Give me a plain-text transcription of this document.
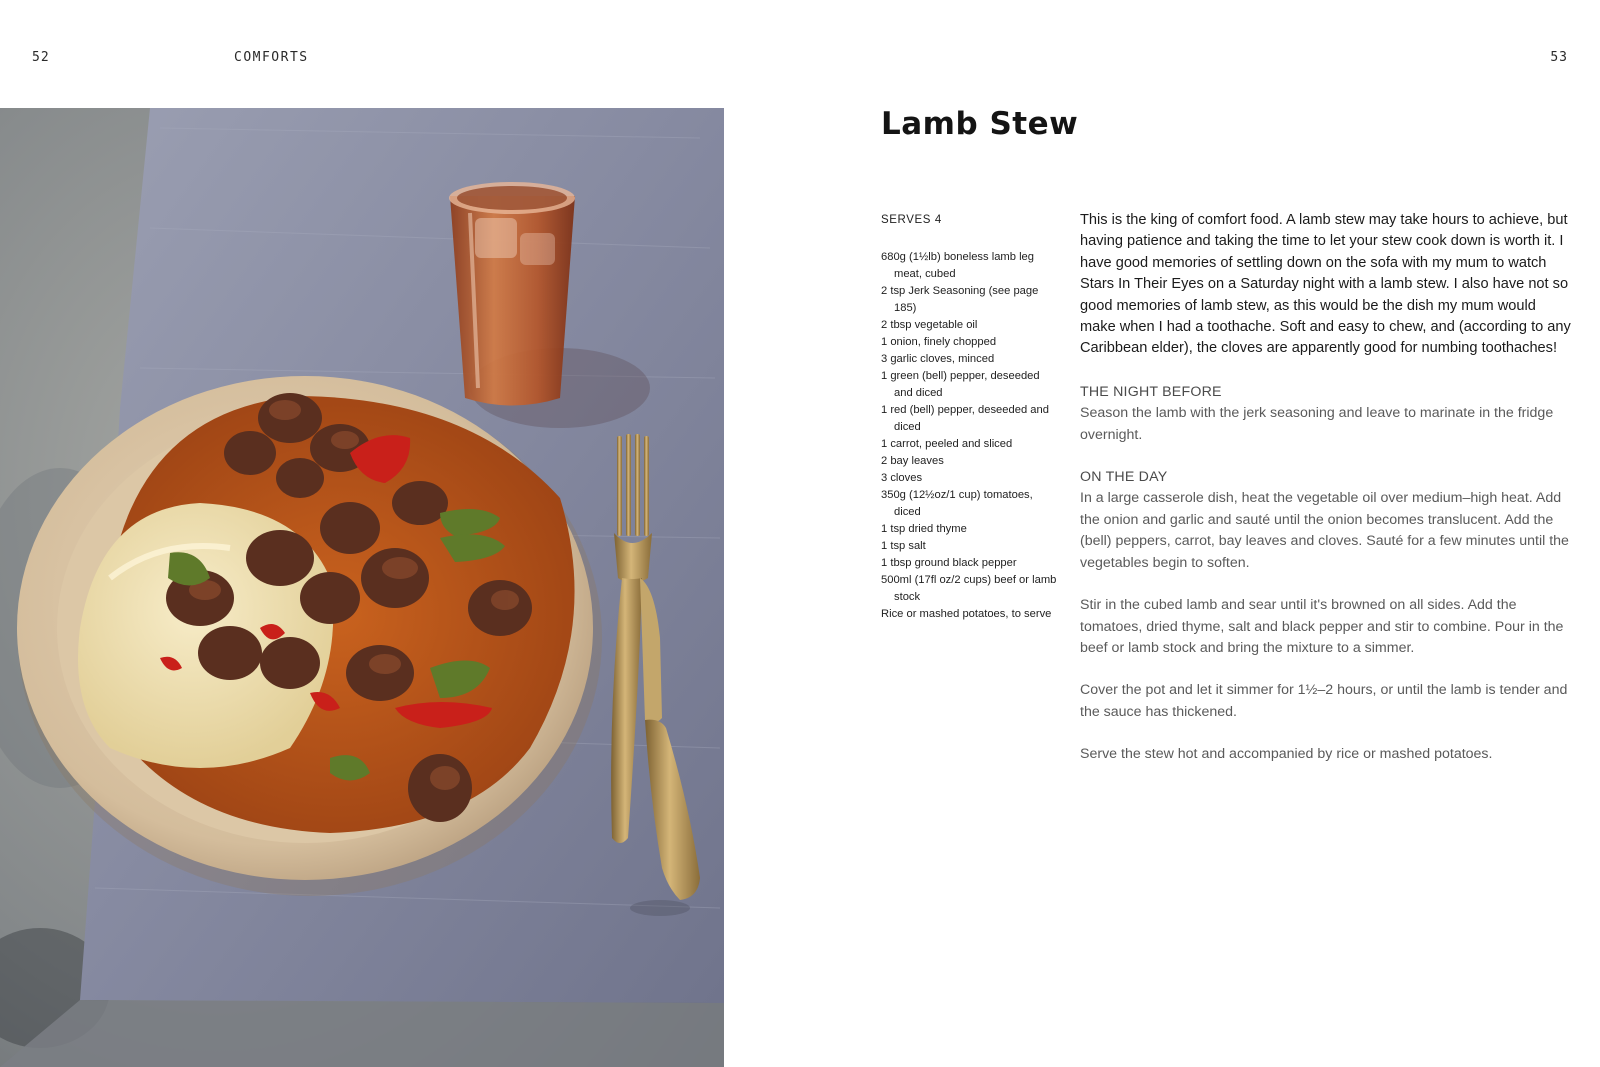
52	COMFORTS	53
Lamb Stew
SERVES 4
680g (1½lb) boneless lamb leg meat, cubed
2 tsp Jerk Seasoning (see page 185)
2 tbsp vegetable oil
1 onion, finely chopped
3 garlic cloves, minced
1 green (bell) pepper, deseeded and diced
1 red (bell) pepper, deseeded and diced
1 carrot, peeled and sliced
2 bay leaves
3 cloves
350g (12½oz/1 cup) tomatoes, diced
1 tsp dried thyme
1 tsp salt
1 tbsp ground black pepper
500ml (17fl oz/2 cups) beef or lamb stock
Rice or mashed potatoes, to serve

This is the king of comfort food. A lamb stew may take hours to achieve, but having patience and taking the time to let your stew cook down is worth it. I have good memories of settling down on the sofa with my mum to watch Stars In Their Eyes on a Saturday night with a lamb stew. I also have not so good memories of lamb stew, as this would be the dish my mum would make when I had a toothache. Soft and easy to chew, and (according to any Caribbean elder), the cloves are apparently good for numbing toothaches!

THE NIGHT BEFORE

Season the lamb with the jerk seasoning and leave to marinate in the fridge overnight.

ON THE DAY

In a large casserole dish, heat the vegetable oil over medium–high heat. Add the onion and garlic and sauté until the onion becomes translucent. Add the (bell) peppers, carrot, bay leaves and cloves. Sauté for a few minutes until the vegetables begin to soften.

Stir in the cubed lamb and sear until it's browned on all sides. Add the tomatoes, dried thyme, salt and black pepper and stir to combine. Pour in the beef or lamb stock and bring the mixture to a simmer.

Cover the pot and let it simmer for 1½–2 hours, or until the lamb is tender and the sauce has thickened.

Serve the stew hot and accompanied by rice or mashed potatoes.
